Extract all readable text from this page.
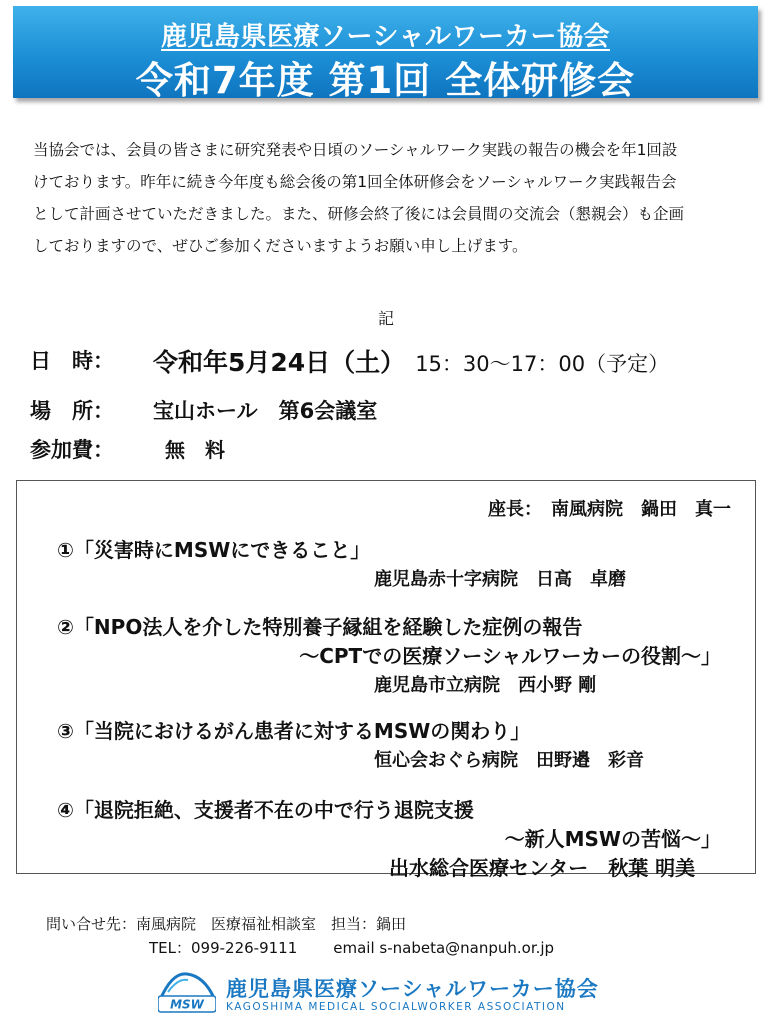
鹿児島県医療ソーシャルワーカー協会
令和7年度 第1回 全体研修会

当協会では、会員の皆さまに研究発表や日頃のソーシャルワーク実践の報告の機会を年1回設
けております。昨年に続き今年度も総会後の第1回全体研修会をソーシャルワーク実践報告会
として計画させていただきました。また、研修会終了後には会員間の交流会（懇親会）も企画
しておりますので、ぜひご参加くださいますようお願い申し上げます。

記
日　時： 令和年5月24日（土） 15：30～17：00（予定）
場　所： 宝山ホール　第6会議室
参加費：	無　料
座長：　南風病院　鍋田　真一
①「災害時にMSWにできること」
鹿児島赤十字病院　日高　卓磨
②「NPO法人を介した特別養子縁組を経験した症例の報告
～CPTでの医療ソーシャルワーカーの役割～」
鹿児島市立病院　西小野 剛
③「当院におけるがん患者に対するMSWの関わり」
恒心会おぐら病院　田野邉　彩音
④「退院拒絶、支援者不在の中で行う退院支援
～新人MSWの苦悩～」
出水総合医療センター　秋葉 明美
問い合せ先：南風病院　医療福祉相談室　担当：鍋田
TEL：099-226-9111 email s-nabeta@nanpuh.or.jp
MSW
鹿児島県医療ソーシャルワーカー協会
KAGOSHIMA MEDICAL SOCIALWORKER ASSOCIATION
